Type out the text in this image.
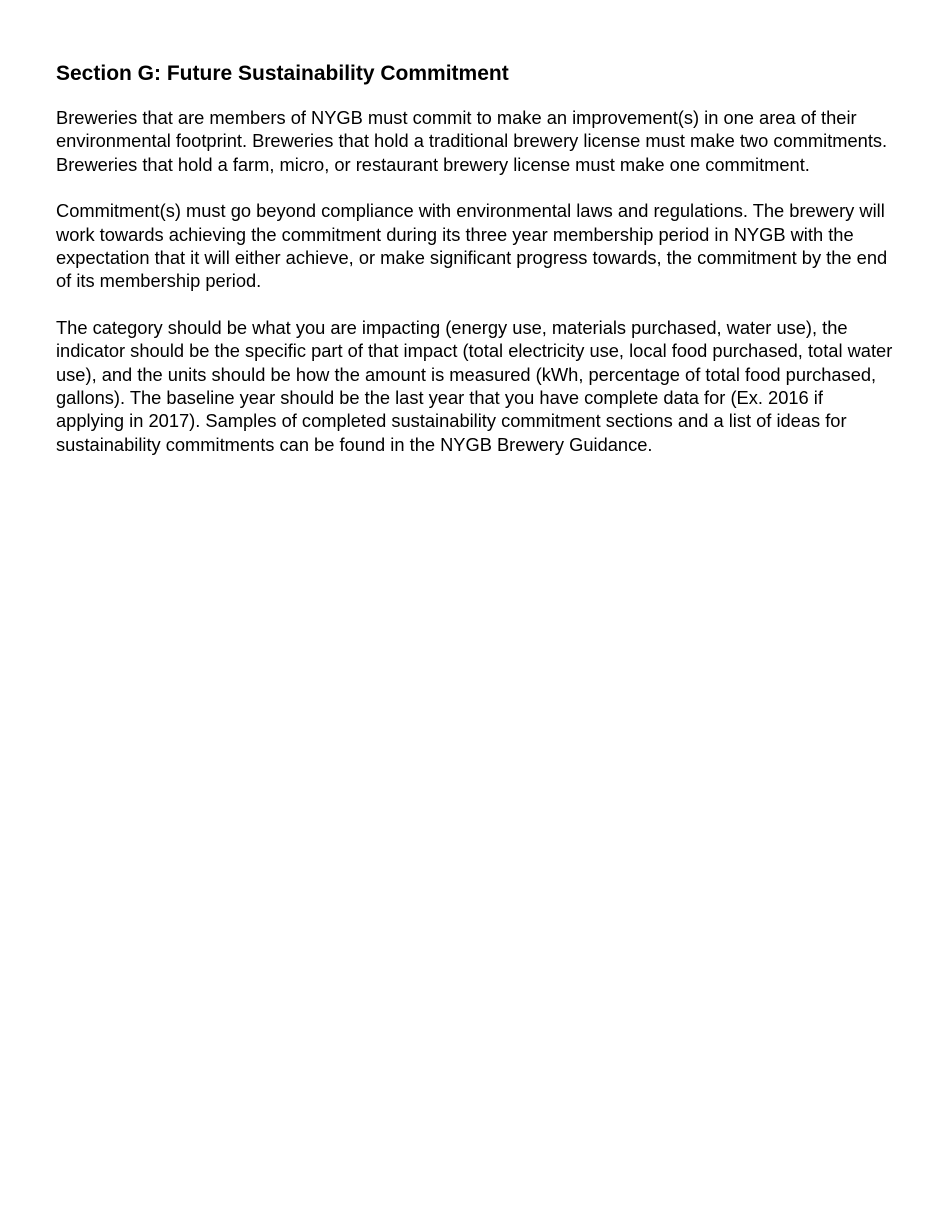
Section G: Future Sustainability Commitment

Breweries that are members of NYGB must commit to make an improvement(s) in one area of their environmental footprint. Breweries that hold a traditional brewery license must make two commitments. Breweries that hold a farm, micro, or restaurant brewery license must make one commitment.

Commitment(s) must go beyond compliance with environmental laws and regulations. The brewery will work towards achieving the commitment during its three year membership period in NYGB with the expectation that it will either achieve, or make significant progress towards, the commitment by the end of its membership period.

The category should be what you are impacting (energy use, materials purchased, water use), the indicator should be the specific part of that impact (total electricity use, local food purchased, total water use), and the units should be how the amount is measured (kWh, percentage of total food purchased, gallons). The baseline year should be the last year that you have complete data for (Ex. 2016 if applying in 2017). Samples of completed sustainability commitment sections and a list of ideas for sustainability commitments can be found in the NYGB Brewery Guidance.
